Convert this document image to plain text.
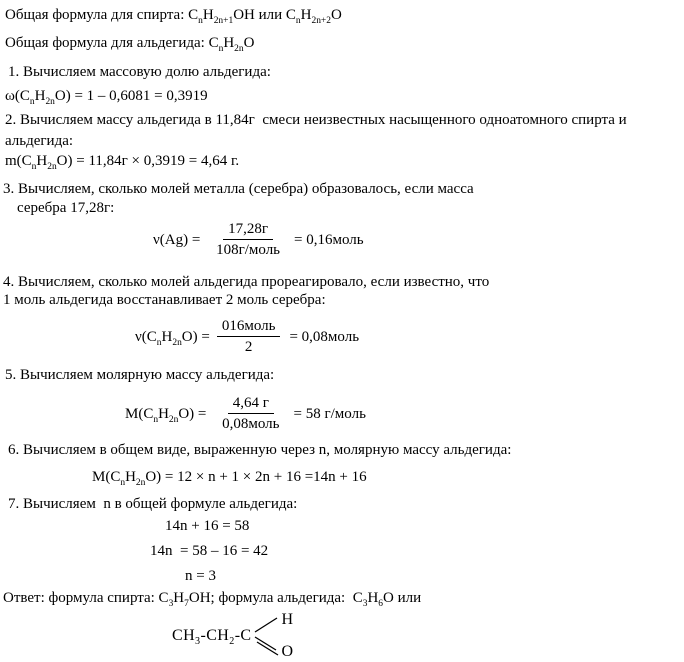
Общая формула для спирта: $C_nH_{2n+1}OH$ или $C_nH_{2n+2}O$
Общая формула для альдегида: $C_nH_{2n}O$
1. Вычисляем массовую долю альдегида:
$\omega(C_nH_{2n}O) = 1 - 0,6081 = 0,3919$
2. Вычисляем массу альдегида в 11,84г  смеси неизвестных насыщенного одноатомного спирта и
альдегида:
$m(C_nH_{2n}O) = 11,84г \times 0,3919 = 4,64$ г.
3. Вычисляем, сколько молей металла (серебра) образовалось, если масса
серебра 17,28г:
$\nu(Ag) = \frac{17,28г}{\text{108г/моль}}$ = 0,16моль
4. Вычисляем, сколько молей альдегида прореагировало, если известно, что
1 моль альдегида восстанавливает 2 моль серебра:
$\nu(C_nH_{2n}O) = \frac{\text{016моль}}{2}$ = 0,08моль
5. Вычисляем молярную массу альдегида:
$M(C_nH_{2n}O) = \frac{4,64 г}{\text{0,08моль}} = 58$ г/моль
6. Вычисляем в общем виде, выраженную через n, молярную массу альдегида:
$M(C_nH_{2n}O) = 12 \times n + 1 \times 2n + 16 =14n + 16$
7. Вычисляем  n в общей формуле альдегида:
14n + 16 = 58
14n  = 58 – 16 = 42
n = 3
Ответ: формула спирта: $C_3H_7OH$; формула альдегида:  $C_3H_6O$ или
$CH_3-CH_2-C$
H
O
